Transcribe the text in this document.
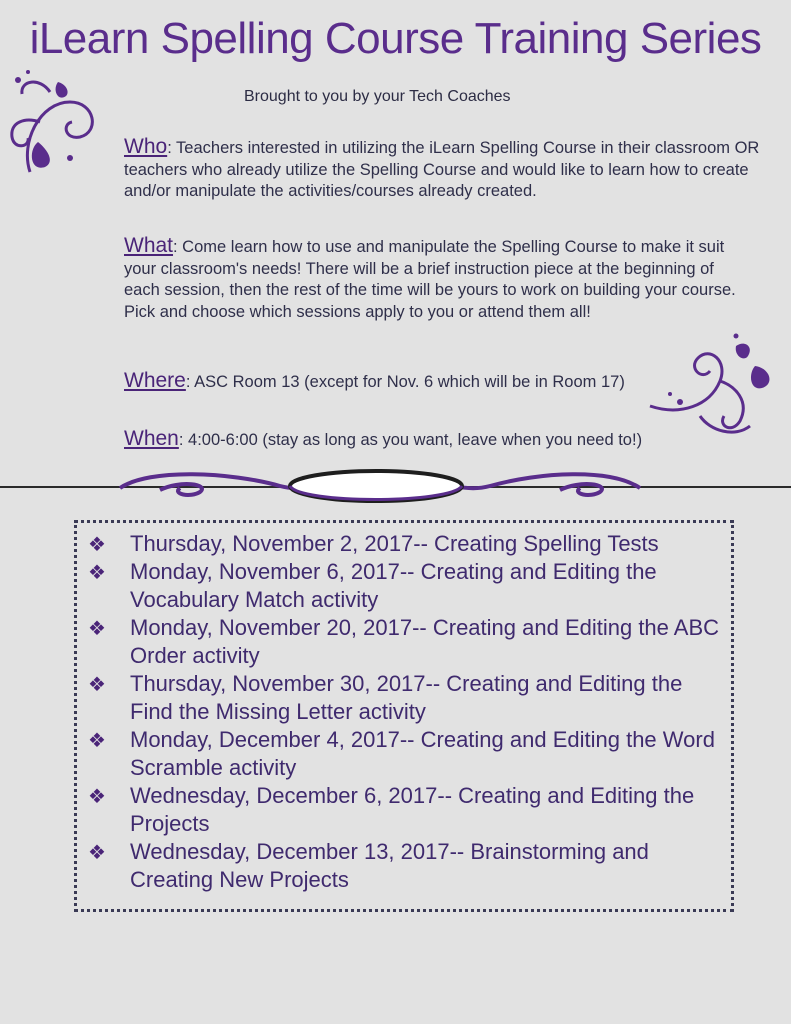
iLearn Spelling Course Training Series
Brought to you by your Tech Coaches
Who: Teachers interested in utilizing the iLearn Spelling Course in their classroom OR teachers who already utilize the Spelling Course and would like to learn how to create and/or manipulate the activities/courses already created.
What: Come learn how to use and manipulate the Spelling Course to make it suit your classroom's needs! There will be a brief instruction piece at the beginning of each session, then the rest of the time will be yours to work on building your course. Pick and choose which sessions apply to you or attend them all!
Where: ASC Room 13 (except for Nov. 6 which will be in Room 17)
When: 4:00-6:00 (stay as long as you want, leave when you need to!)
❖ Thursday, November 2, 2017-- Creating Spelling Tests
❖ Monday, November 6, 2017-- Creating and Editing the Vocabulary Match activity
❖ Monday, November 20, 2017-- Creating and Editing the ABC Order activity
❖ Thursday, November 30, 2017-- Creating and Editing the Find the Missing Letter activity
❖ Monday, December 4, 2017-- Creating and Editing the Word Scramble activity
❖ Wednesday, December 6, 2017-- Creating and Editing the Projects
❖ Wednesday, December 13, 2017-- Brainstorming and Creating New Projects
